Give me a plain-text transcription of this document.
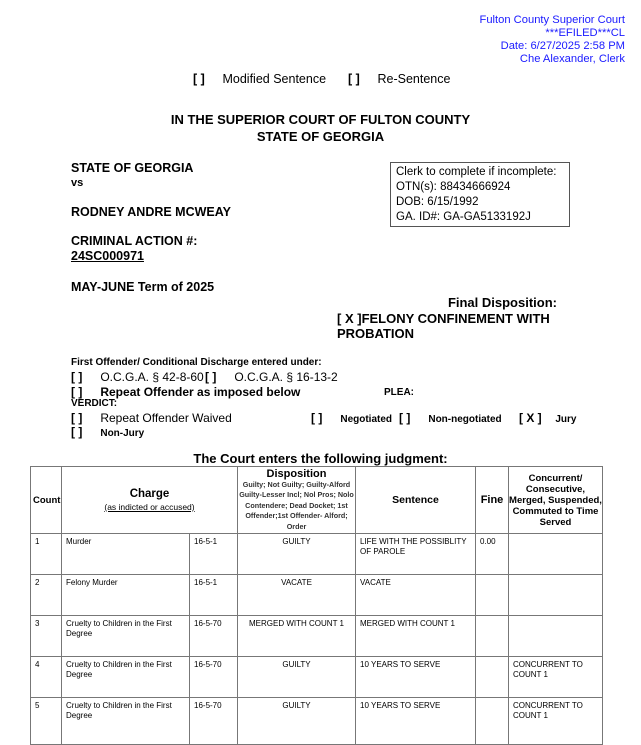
Fulton County Superior Court
***EFILED***CL
Date: 6/27/2025 2:58 PM
Che Alexander, Clerk
[ ] Modified Sentence [ ] Re-Sentence
IN THE SUPERIOR COURT OF FULTON COUNTY
STATE OF GEORGIA
STATE OF GEORGIA
vs
RODNEY ANDRE MCWEAY
CRIMINAL ACTION #:
24SC000971
MAY-JUNE Term of 2025
Clerk to complete if incomplete:
OTN(s): 88434666924
DOB: 6/15/1992
GA. ID#: GA-GA5133192J
Final Disposition:
[ X ]FELONY CONFINEMENT WITH
PROBATION
First Offender/ Conditional Discharge entered under:
[ ] O.C.G.A. § 42-8-60 [ ] O.C.G.A. § 16-13-2
[ ] Repeat Offender as imposed below	PLEA:
VERDICT:
[ ] Repeat Offender Waived	[ ] Negotiated [ ] Non-negotiated [ X ] Jury
[ ] Non-Jury
The Court enters the following judgment:
Count	Charge
(as indicted or accused)		Disposition
Guilty; Not Guilty; Guilty-Alford Guilty-Lesser Incl; Nol Pros; Nolo Contendere; Dead Docket; 1st Offender;1st Offender- Alford; Order	Sentence	Fine	Concurrent/ Consecutive, Merged, Suspended, Commuted to Time Served
1	Murder	16-5-1	GUILTY	LIFE WITH THE POSSIBLITY OF PAROLE	0.00	
2	Felony Murder	16-5-1	VACATE	VACATE		
3	Cruelty to Children in the First Degree	16-5-70	MERGED WITH COUNT 1	MERGED WITH COUNT 1		
4	Cruelty to Children in the First Degree	16-5-70	GUILTY	10 YEARS TO SERVE		CONCURRENT TO COUNT 1
5	Cruelty to Children in the First Degree	16-5-70	GUILTY	10 YEARS TO SERVE		CONCURRENT TO COUNT 1
